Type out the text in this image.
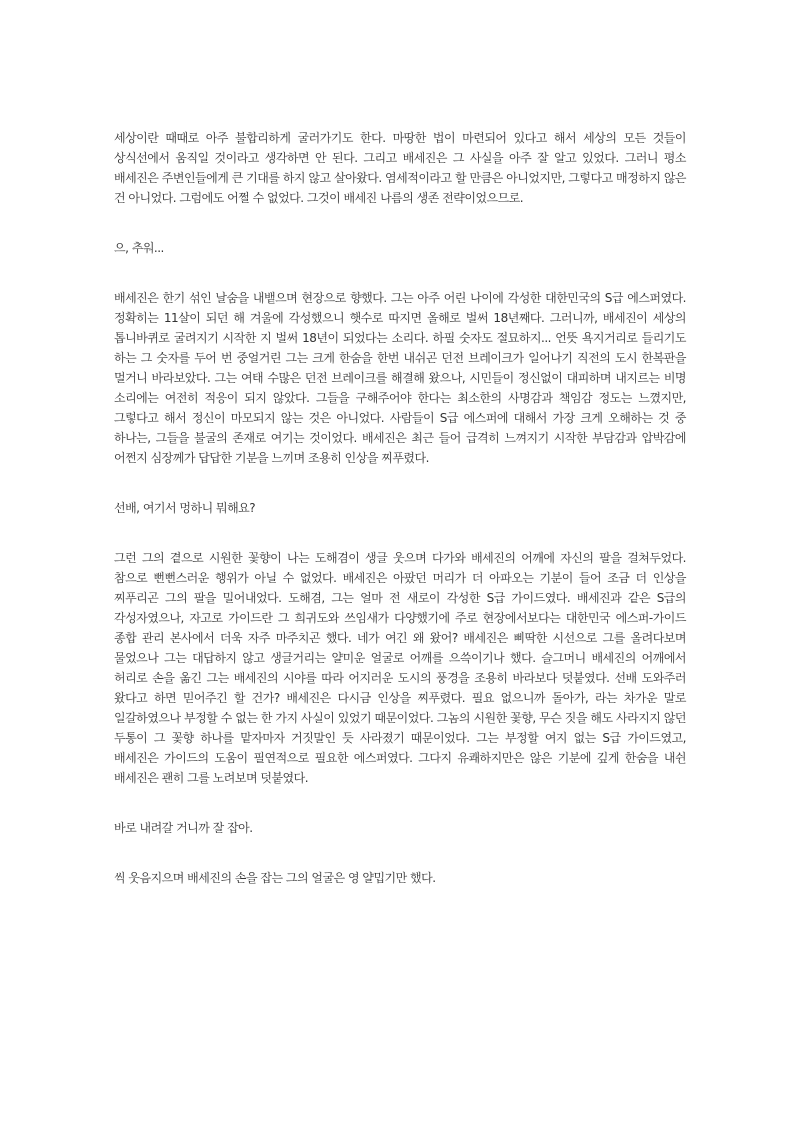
세상이란 때때로 아주 불합리하게 굴러가기도 한다. 마땅한 법이 마련되어 있다고 해서 세상의 모든 것들이 상식선에서 움직일 것이라고 생각하면 안 된다. 그리고 배세진은 그 사실을 아주 잘 알고 있었다. 그러니 평소 배세진은 주변인들에게 큰 기대를 하지 않고 살아왔다. 염세적이라고 할 만큼은 아니었지만, 그렇다고 매정하지 않은 건 아니었다. 그럼에도 어쩔 수 없었다. 그것이 배세진 나름의 생존 전략이었으므로.

으, 추워...

배세진은 한기 섞인 날숨을 내뱉으며 현장으로 향했다. 그는 아주 어린 나이에 각성한 대한민국의 S급 에스퍼였다. 정확히는 11살이 되던 해 겨울에 각성했으니 햇수로 따지면 올해로 벌써 18년째다. 그러니까, 배세진이 세상의 톱니바퀴로 굴려지기 시작한 지 벌써 18년이 되었다는 소리다. 하필 숫자도 절묘하지... 언뜻 욕지거리로 들리기도 하는 그 숫자를 두어 번 중얼거린 그는 크게 한숨을 한번 내쉬곤 던전 브레이크가 일어나기 직전의 도시 한복판을 멀거니 바라보았다. 그는 여태 수많은 던전 브레이크를 해결해 왔으나, 시민들이 정신없이 대피하며 내지르는 비명 소리에는 여전히 적응이 되지 않았다. 그들을 구해주어야 한다는 최소한의 사명감과 책임감 정도는 느꼈지만, 그렇다고 해서 정신이 마모되지 않는 것은 아니었다. 사람들이 S급 에스퍼에 대해서 가장 크게 오해하는 것 중 하나는, 그들을 불굴의 존재로 여기는 것이었다. 배세진은 최근 들어 급격히 느껴지기 시작한 부담감과 압박감에 어쩐지 심장께가 답답한 기분을 느끼며 조용히 인상을 찌푸렸다.

선배, 여기서 멍하니 뭐해요?

그런 그의 곁으로 시원한 꽃향이 나는 도해겸이 생글 웃으며 다가와 배세진의 어깨에 자신의 팔을 걸쳐두었다. 참으로 뻔뻔스러운 행위가 아닐 수 없었다. 배세진은 아팠던 머리가 더 아파오는 기분이 들어 조금 더 인상을 찌푸리곤 그의 팔을 밀어내었다. 도해겸, 그는 얼마 전 새로이 각성한 S급 가이드였다. 배세진과 같은 S급의 각성자였으나, 자고로 가이드란 그 희귀도와 쓰임새가 다양했기에 주로 현장에서보다는 대한민국 에스퍼-가이드 종합 관리 본사에서 더욱 자주 마주치곤 했다. 네가 여긴 왜 왔어? 배세진은 삐딱한 시선으로 그를 올려다보며 물었으나 그는 대답하지 않고 생글거리는 얄미운 얼굴로 어깨를 으쓱이기나 했다. 슬그머니 배세진의 어깨에서 허리로 손을 옮긴 그는 배세진의 시야를 따라 어지러운 도시의 풍경을 조용히 바라보다 덧붙였다. 선배 도와주러 왔다고 하면 믿어주긴 할 건가? 배세진은 다시금 인상을 찌푸렸다. 필요 없으니까 돌아가, 라는 차가운 말로 일갈하였으나 부정할 수 없는 한 가지 사실이 있었기 때문이었다. 그놈의 시원한 꽃향, 무슨 짓을 해도 사라지지 않던 두통이 그 꽃향 하나를 맡자마자 거짓말인 듯 사라졌기 때문이었다. 그는 부정할 여지 없는 S급 가이드였고, 배세진은 가이드의 도움이 필연적으로 필요한 에스퍼였다. 그다지 유쾌하지만은 않은 기분에 깊게 한숨을 내쉰 배세진은 괜히 그를 노려보며 덧붙였다.

바로 내려갈 거니까 잘 잡아.

씩 웃음지으며 배세진의 손을 잡는 그의 얼굴은 영 얄밉기만 했다.
